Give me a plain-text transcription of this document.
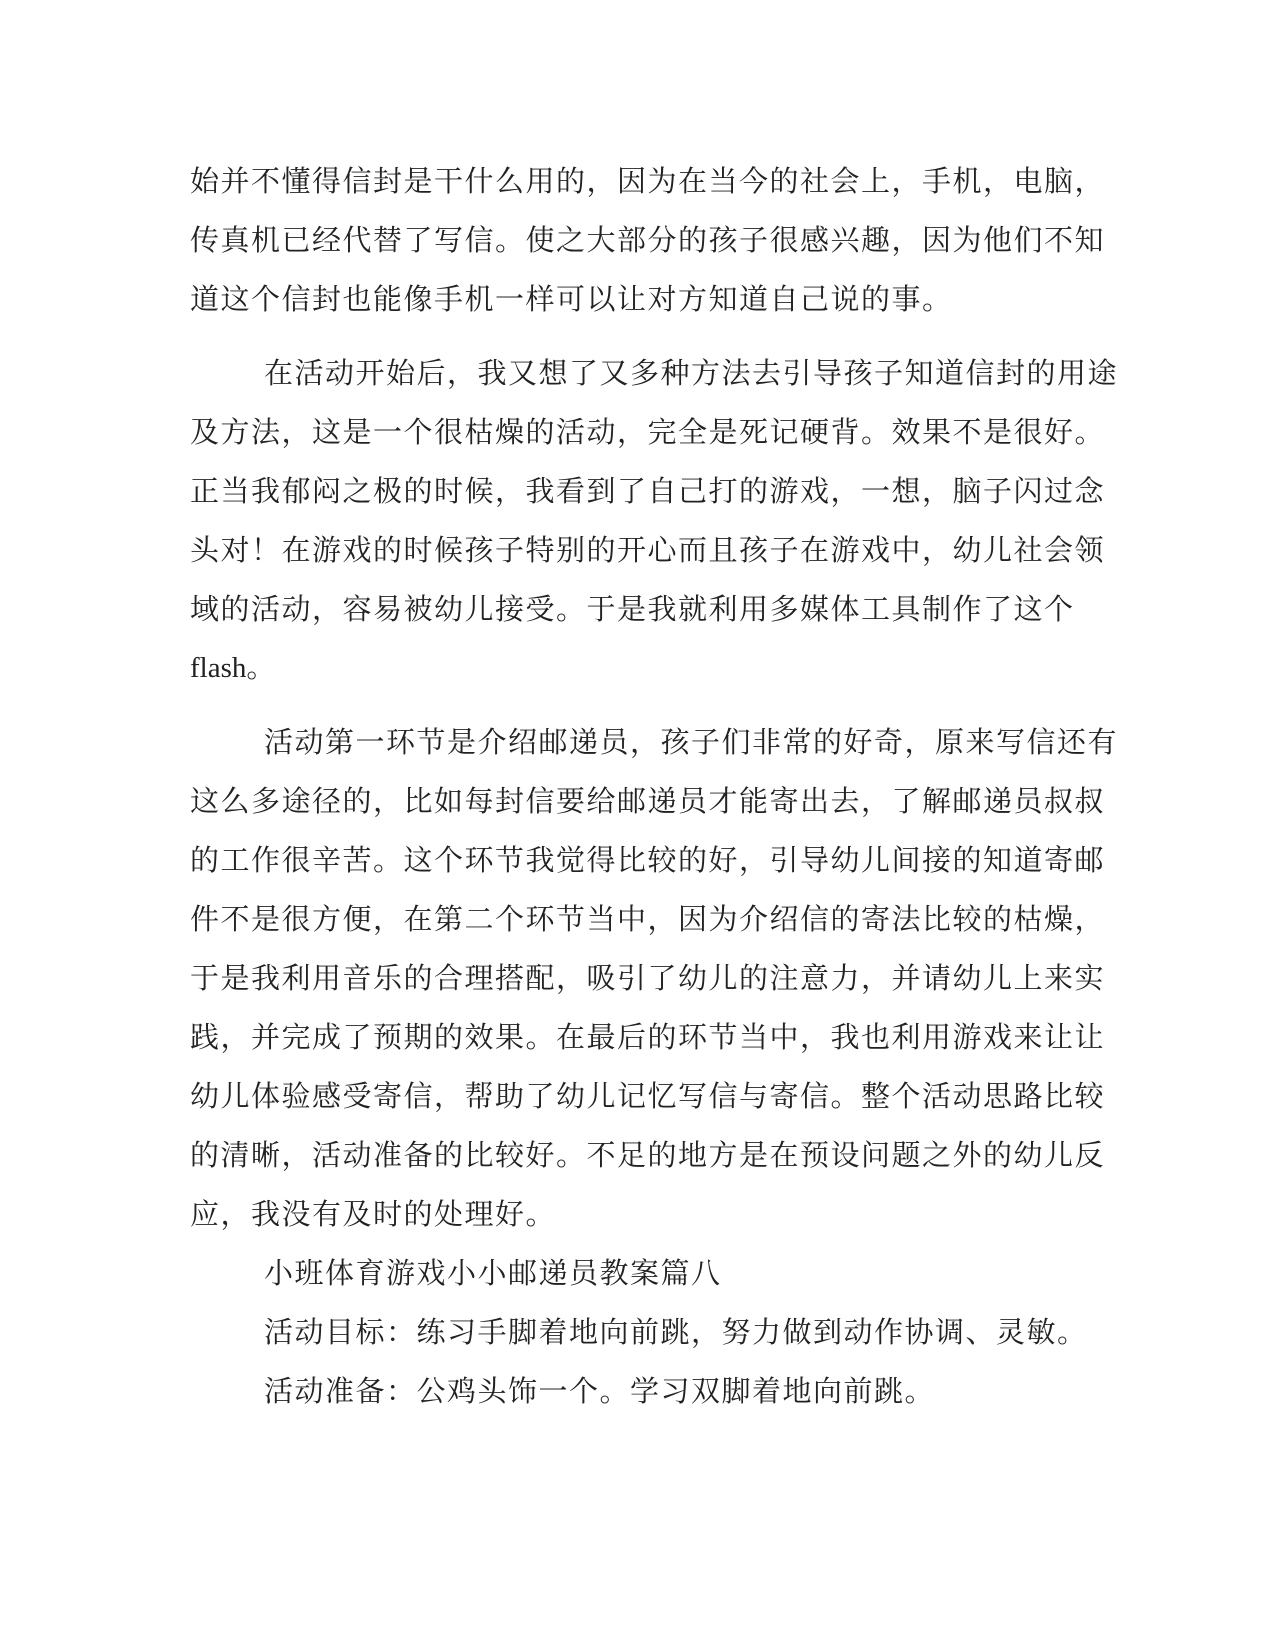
始并不懂得信封是干什么用的，因为在当今的社会上，手机，电脑，
传真机已经代替了写信。使之大部分的孩子很感兴趣，因为他们不知
道这个信封也能像手机一样可以让对方知道自己说的事。
在活动开始后，我又想了又多种方法去引导孩子知道信封的用途
及方法，这是一个很枯燥的活动，完全是死记硬背。效果不是很好。
正当我郁闷之极的时候，我看到了自己打的游戏，一想，脑子闪过念
头对！在游戏的时候孩子特别的开心而且孩子在游戏中，幼儿社会领
域的活动，容易被幼儿接受。于是我就利用多媒体工具制作了这个
flash。
活动第一环节是介绍邮递员，孩子们非常的好奇，原来写信还有
这么多途径的，比如每封信要给邮递员才能寄出去，了解邮递员叔叔
的工作很辛苦。这个环节我觉得比较的好，引导幼儿间接的知道寄邮
件不是很方便，在第二个环节当中，因为介绍信的寄法比较的枯燥，
于是我利用音乐的合理搭配，吸引了幼儿的注意力，并请幼儿上来实
践，并完成了预期的效果。在最后的环节当中，我也利用游戏来让让
幼儿体验感受寄信，帮助了幼儿记忆写信与寄信。整个活动思路比较
的清晰，活动准备的比较好。不足的地方是在预设问题之外的幼儿反
应，我没有及时的处理好。
小班体育游戏小小邮递员教案篇八
活动目标：练习手脚着地向前跳，努力做到动作协调、灵敏。
活动准备：公鸡头饰一个。学习双脚着地向前跳。
